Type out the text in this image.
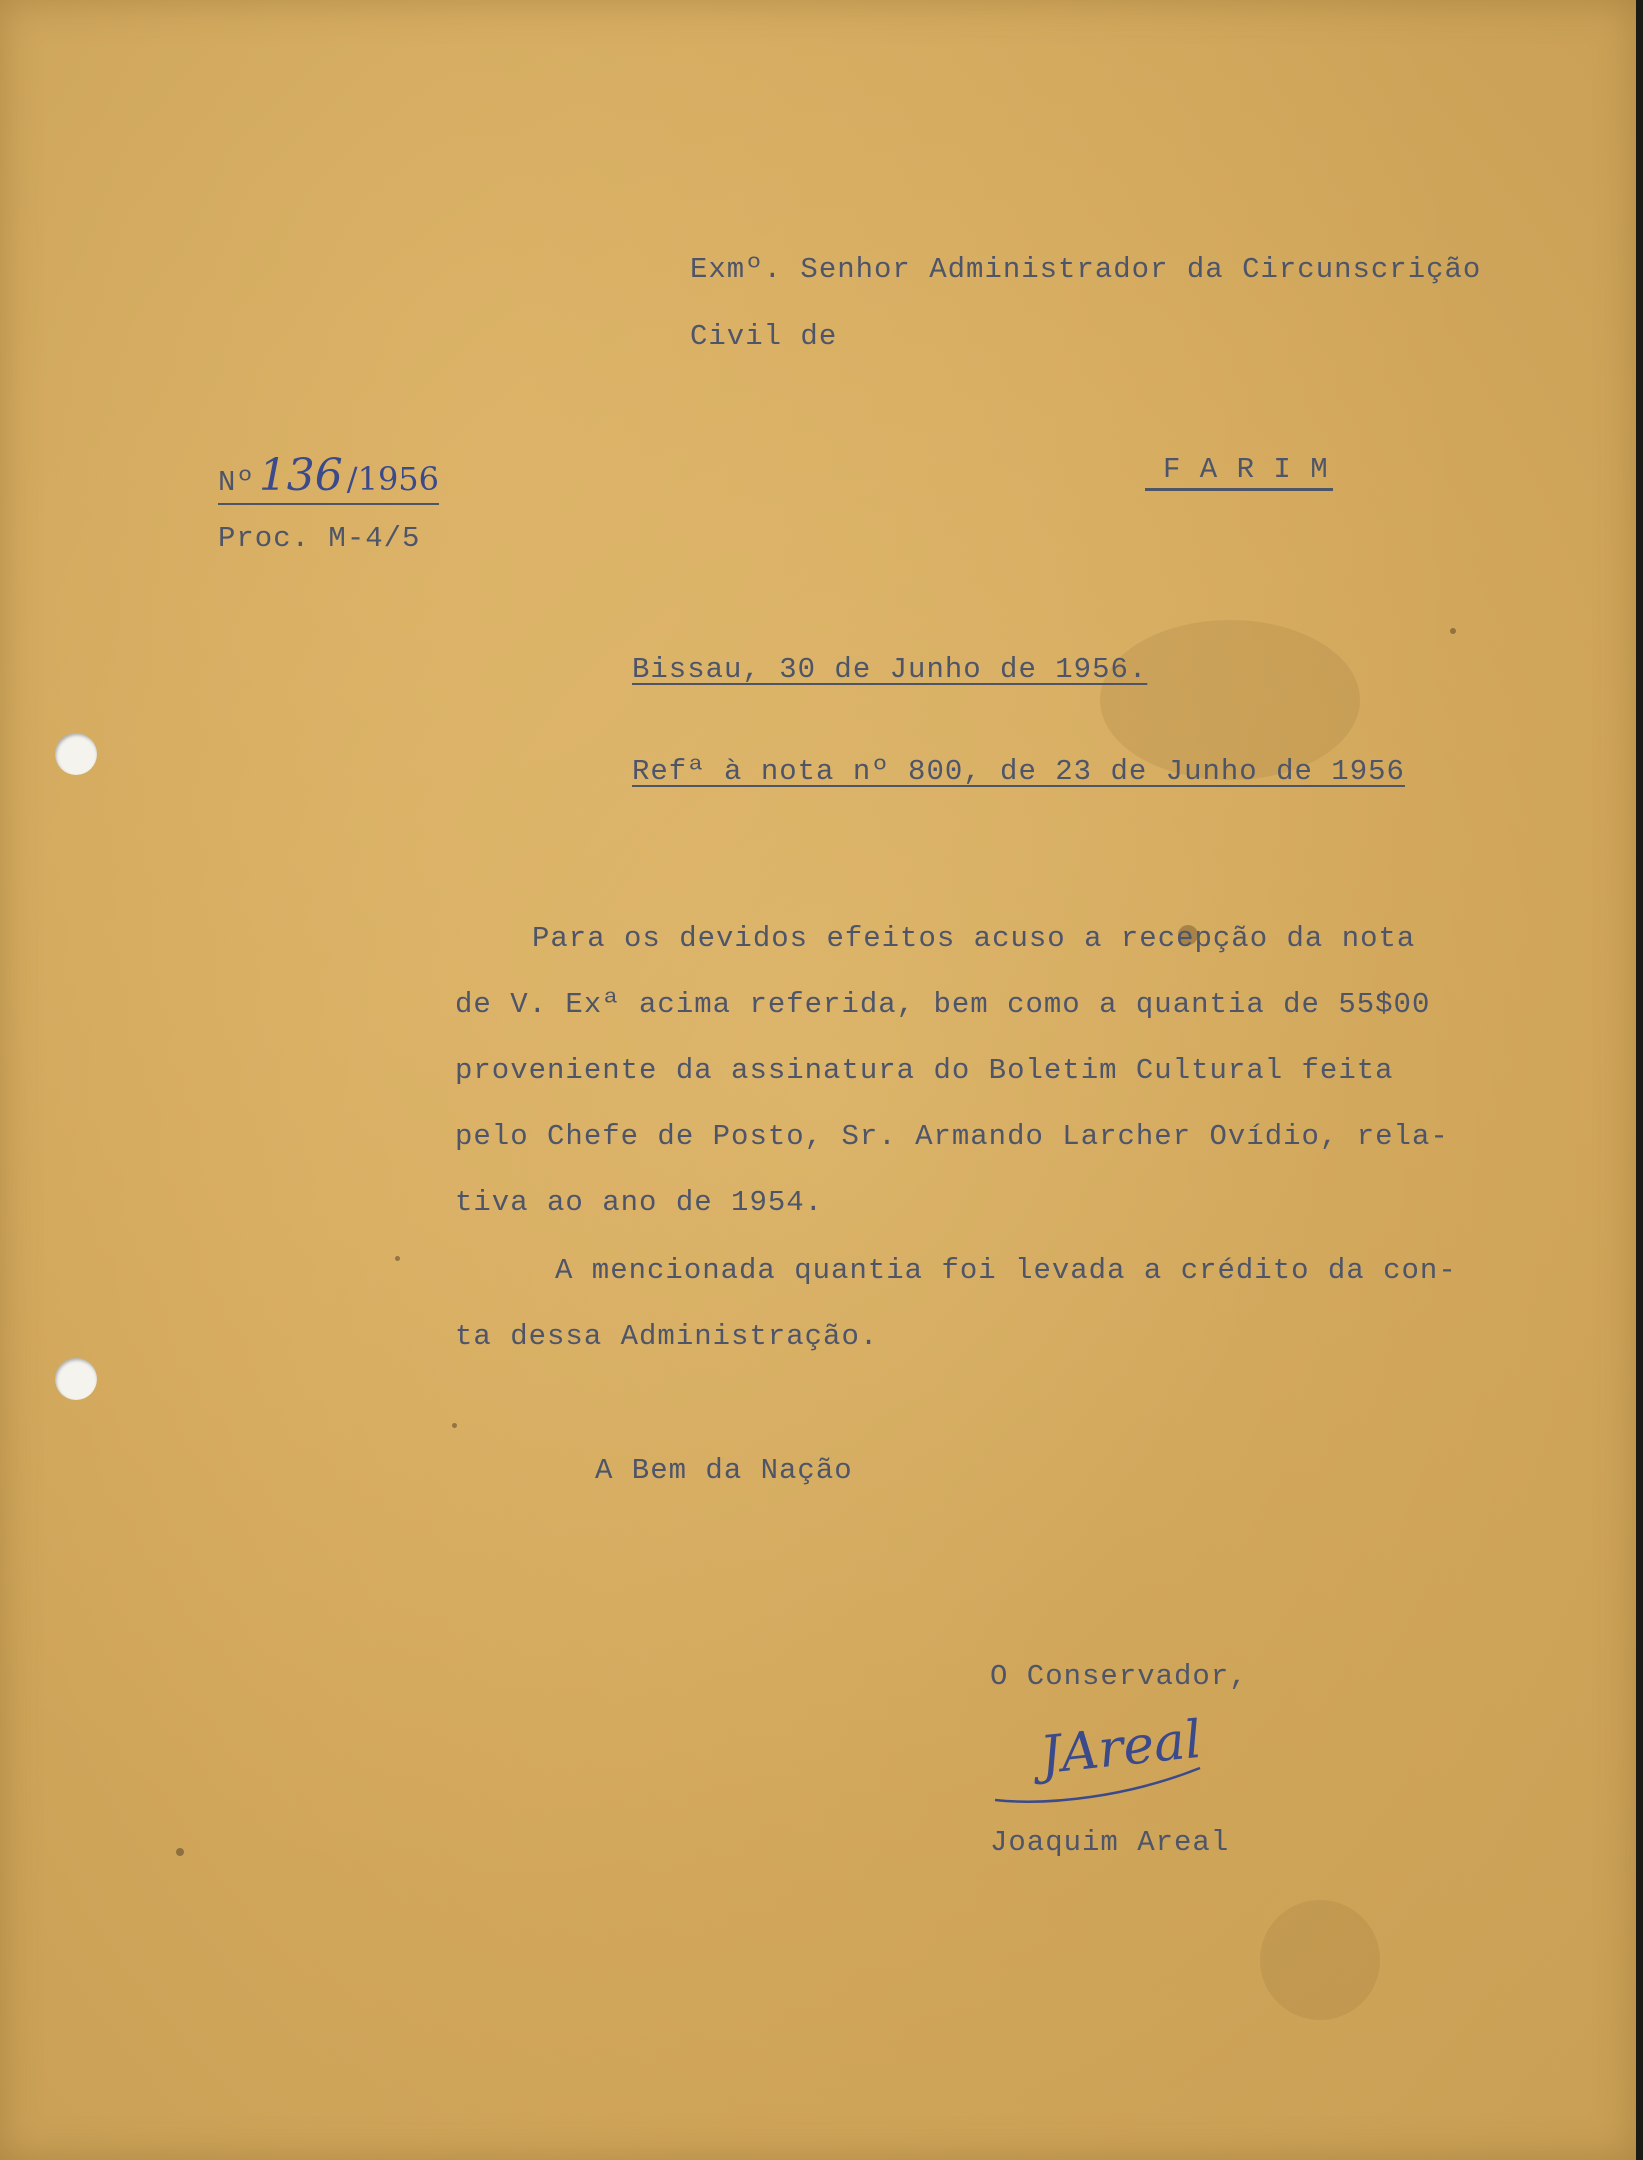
Exmº. Senhor Administrador da Circunscrição
Civil de
Nº 136 /1956	F A R I M
Proc. M-4/5
Bissau, 30 de Junho de 1956.
Refª à nota nº 800, de 23 de Junho de 1956
Para os devidos efeitos acuso a recepção da nota
de V. Exª acima referida, bem como a quantia de 55$00
proveniente da assinatura do Boletim Cultural feita
pelo Chefe de Posto, Sr. Armando Larcher Ovídio, rela-
tiva ao ano de 1954.
A mencionada quantia foi levada a crédito da con-
ta dessa Administração.
A Bem da Nação
O Conservador,
JAreal
Joaquim Areal
